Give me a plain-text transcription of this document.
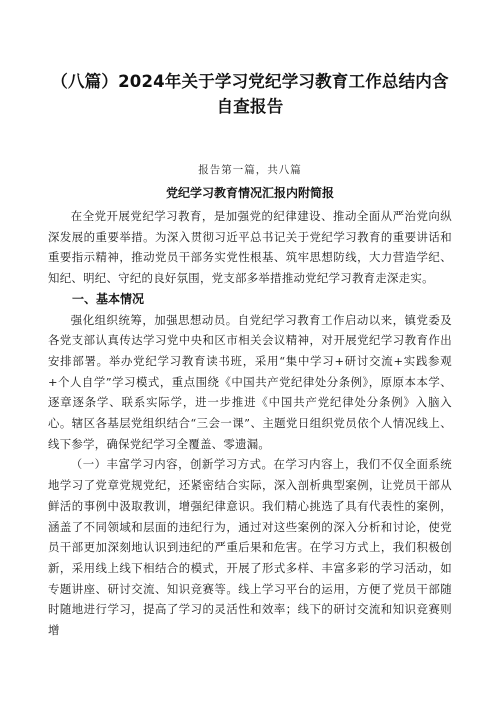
（八篇）2024年关于学习党纪学习教育工作总结内含自查报告
报告第一篇，共八篇
党纪学习教育情况汇报内附简报

在全党开展党纪学习教育，是加强党的纪律建设、推动全面从严治党向纵深发展的重要举措。为深入贯彻习近平总书记关于党纪学习教育的重要讲话和重要指示精神，推动党员干部务实党性根基、筑牢思想防线，大力营造学纪、知纪、明纪、守纪的良好氛围，党支部多举措推动党纪学习教育走深走实。

一、基本情况

强化组织统筹，加强思想动员。自党纪学习教育工作启动以来，镇党委及各党支部认真传达学习党中央和区市相关会议精神，对开展党纪学习教育作出安排部署。举办党纪学习教育读书班，采用“集中学习+研讨交流+实践参观+个人自学”学习模式，重点围绕《中国共产党纪律处分条例》，原原本本学、逐章逐条学、联系实际学，进一步推进《中国共产党纪律处分条例》入脑入心。辖区各基层党组织结合“三会一课”、主题党日组织党员依个人情况线上、线下参学，确保党纪学习全覆盖、零遗漏。

（一）丰富学习内容，创新学习方式。在学习内容上，我们不仅全面系统地学习了党章党规党纪，还紧密结合实际，深入剖析典型案例，让党员干部从鲜活的事例中汲取教训，增强纪律意识。我们精心挑选了具有代表性的案例，涵盖了不同领域和层面的违纪行为，通过对这些案例的深入分析和讨论，使党员干部更加深刻地认识到违纪的严重后果和危害。在学习方式上，我们积极创新，采用线上线下相结合的模式，开展了形式多样、丰富多彩的学习活动，如专题讲座、研讨交流、知识竞赛等。线上学习平台的运用，方便了党员干部随时随地进行学习，提高了学习的灵活性和效率；线下的研讨交流和知识竞赛则增
